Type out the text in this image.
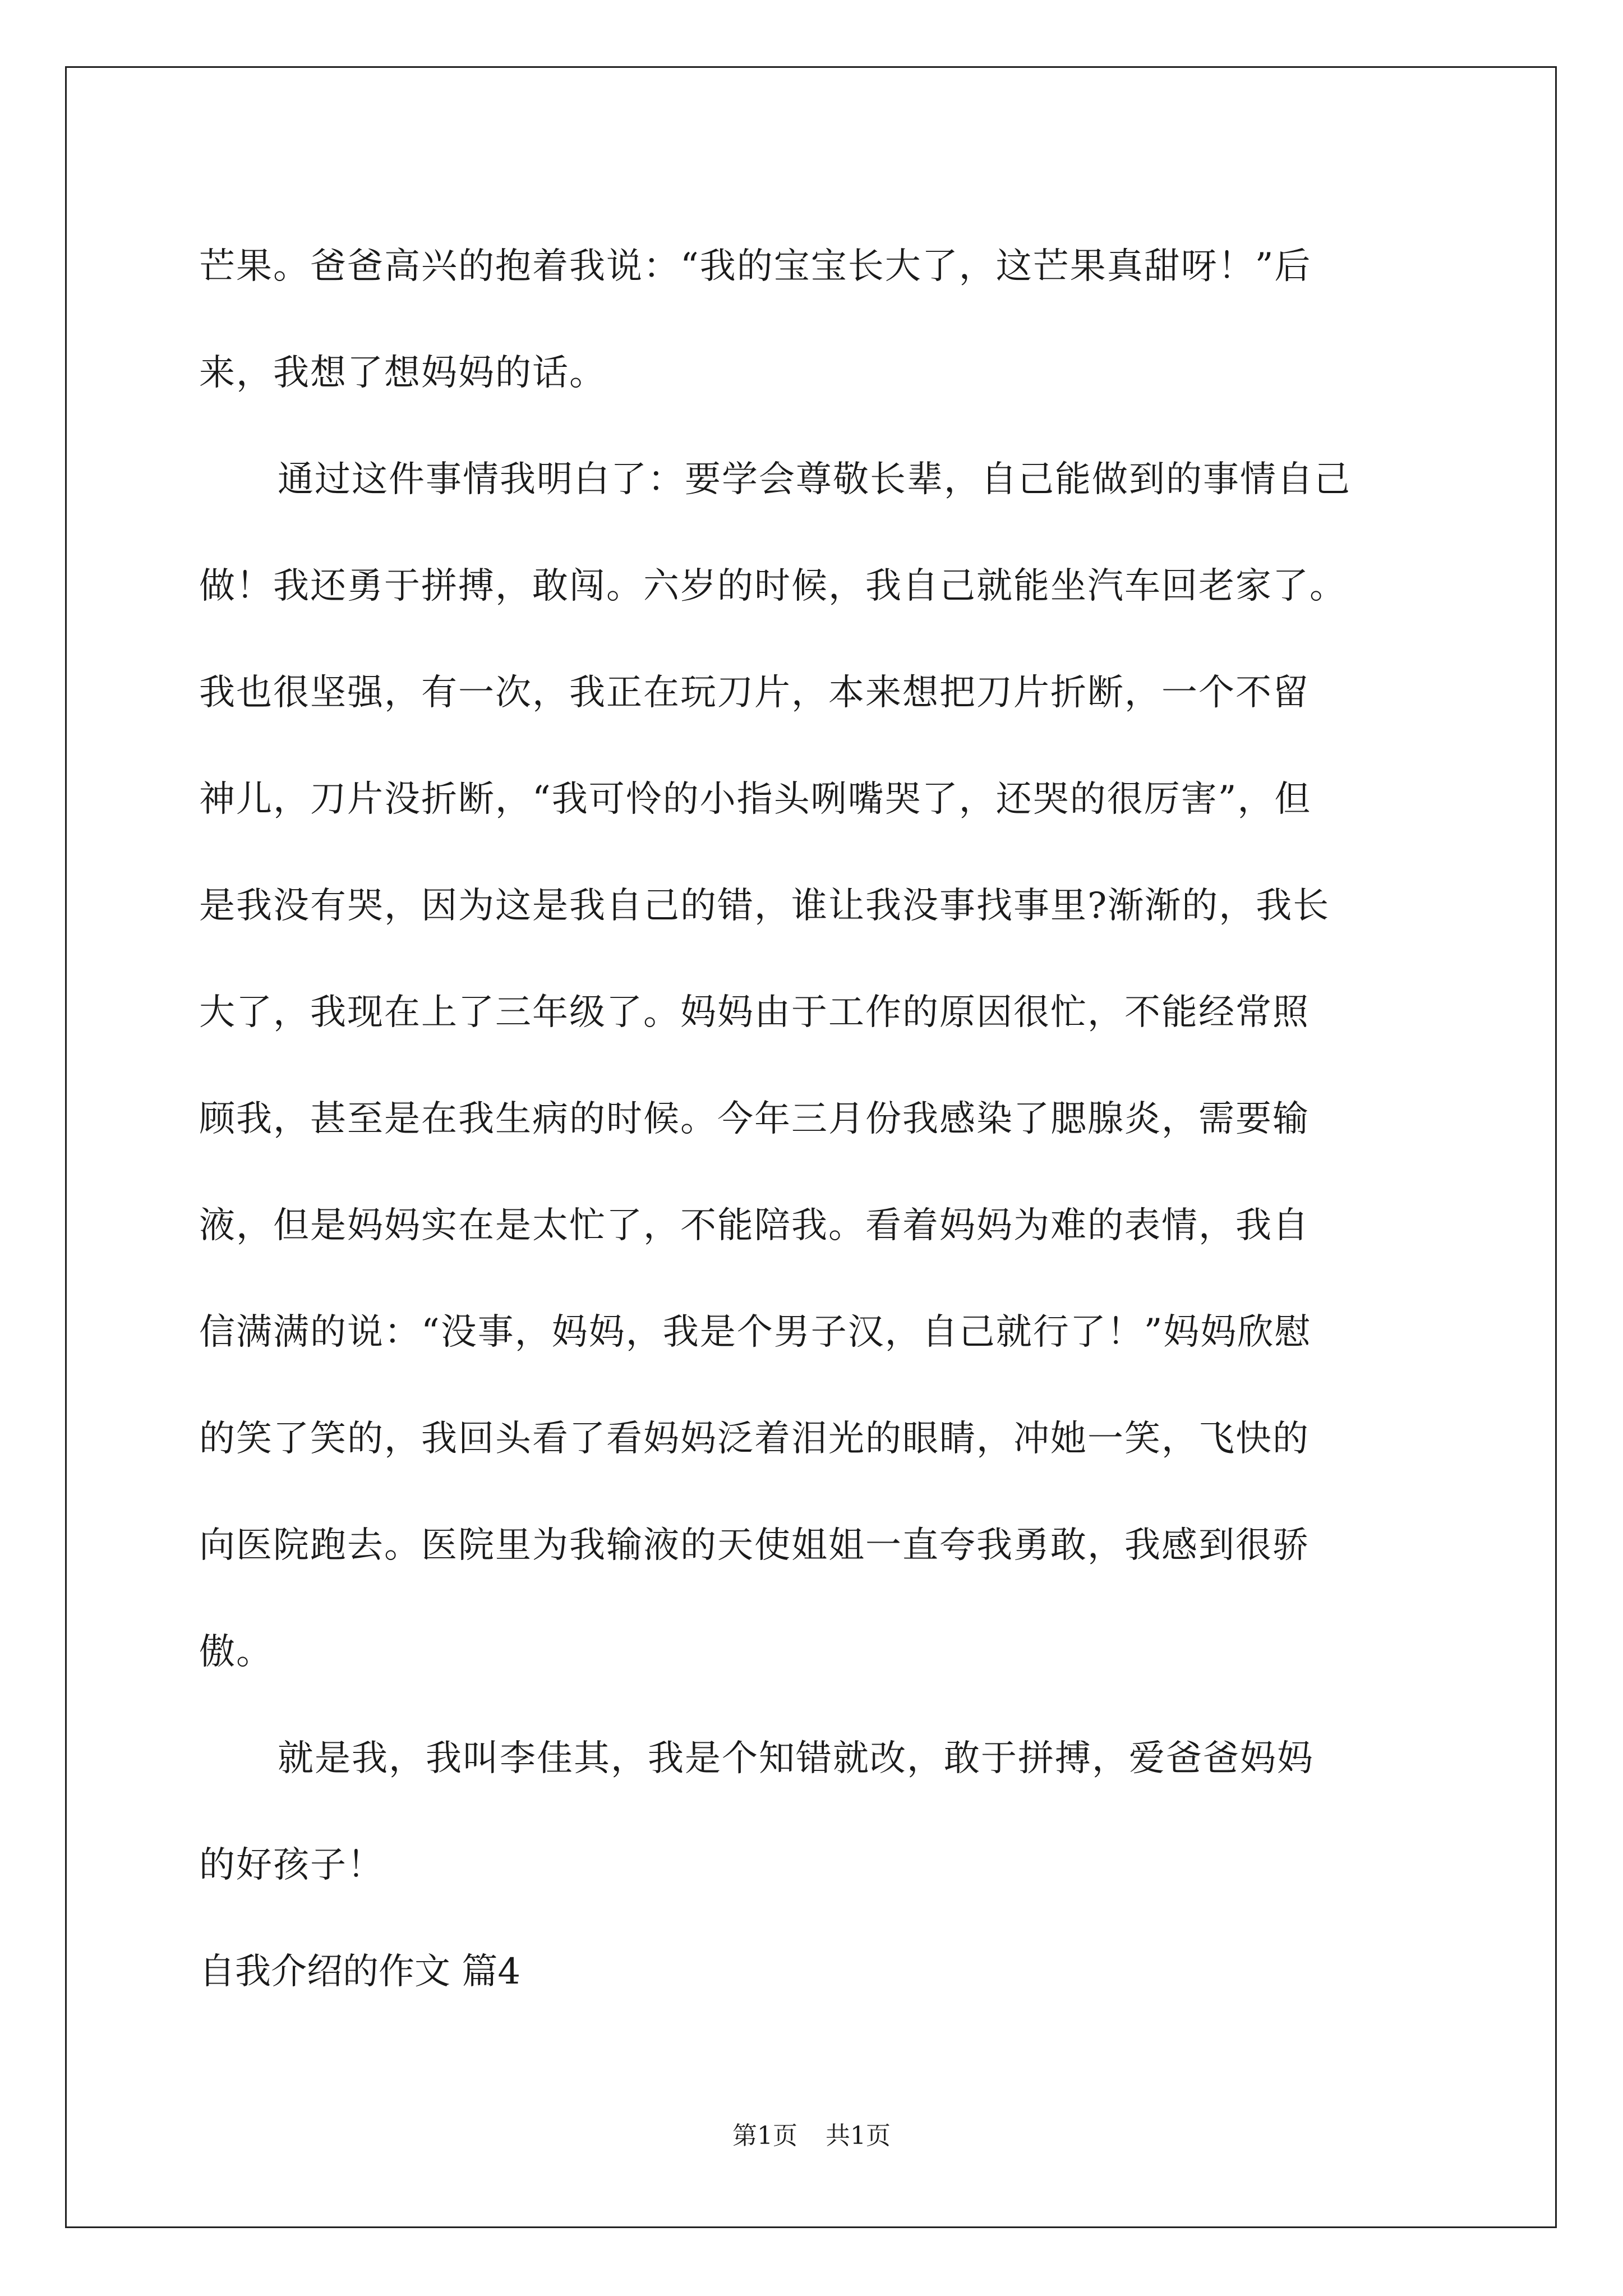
芒果。爸爸高兴的抱着我说：“我的宝宝长大了，这芒果真甜呀！”后
来，我想了想妈妈的话。
通过这件事情我明白了：要学会尊敬长辈，自己能做到的事情自己
做！我还勇于拼搏，敢闯。六岁的时候，我自己就能坐汽车回老家了。
我也很坚强，有一次，我正在玩刀片，本来想把刀片折断，一个不留
神儿，刀片没折断，“我可怜的小指头咧嘴哭了，还哭的很厉害”，但
是我没有哭，因为这是我自己的错，谁让我没事找事里?渐渐的，我长
大了，我现在上了三年级了。妈妈由于工作的原因很忙，不能经常照
顾我，甚至是在我生病的时候。今年三月份我感染了腮腺炎，需要输
液，但是妈妈实在是太忙了，不能陪我。看着妈妈为难的表情，我自
信满满的说：“没事，妈妈，我是个男子汉，自己就行了！”妈妈欣慰
的笑了笑的，我回头看了看妈妈泛着泪光的眼睛，冲她一笑，飞快的
向医院跑去。医院里为我输液的天使姐姐一直夸我勇敢，我感到很骄
傲。
就是我，我叫李佳其，我是个知错就改，敢于拼搏，爱爸爸妈妈
的好孩子！
自我介绍的作文 篇4
第1页 共1页
